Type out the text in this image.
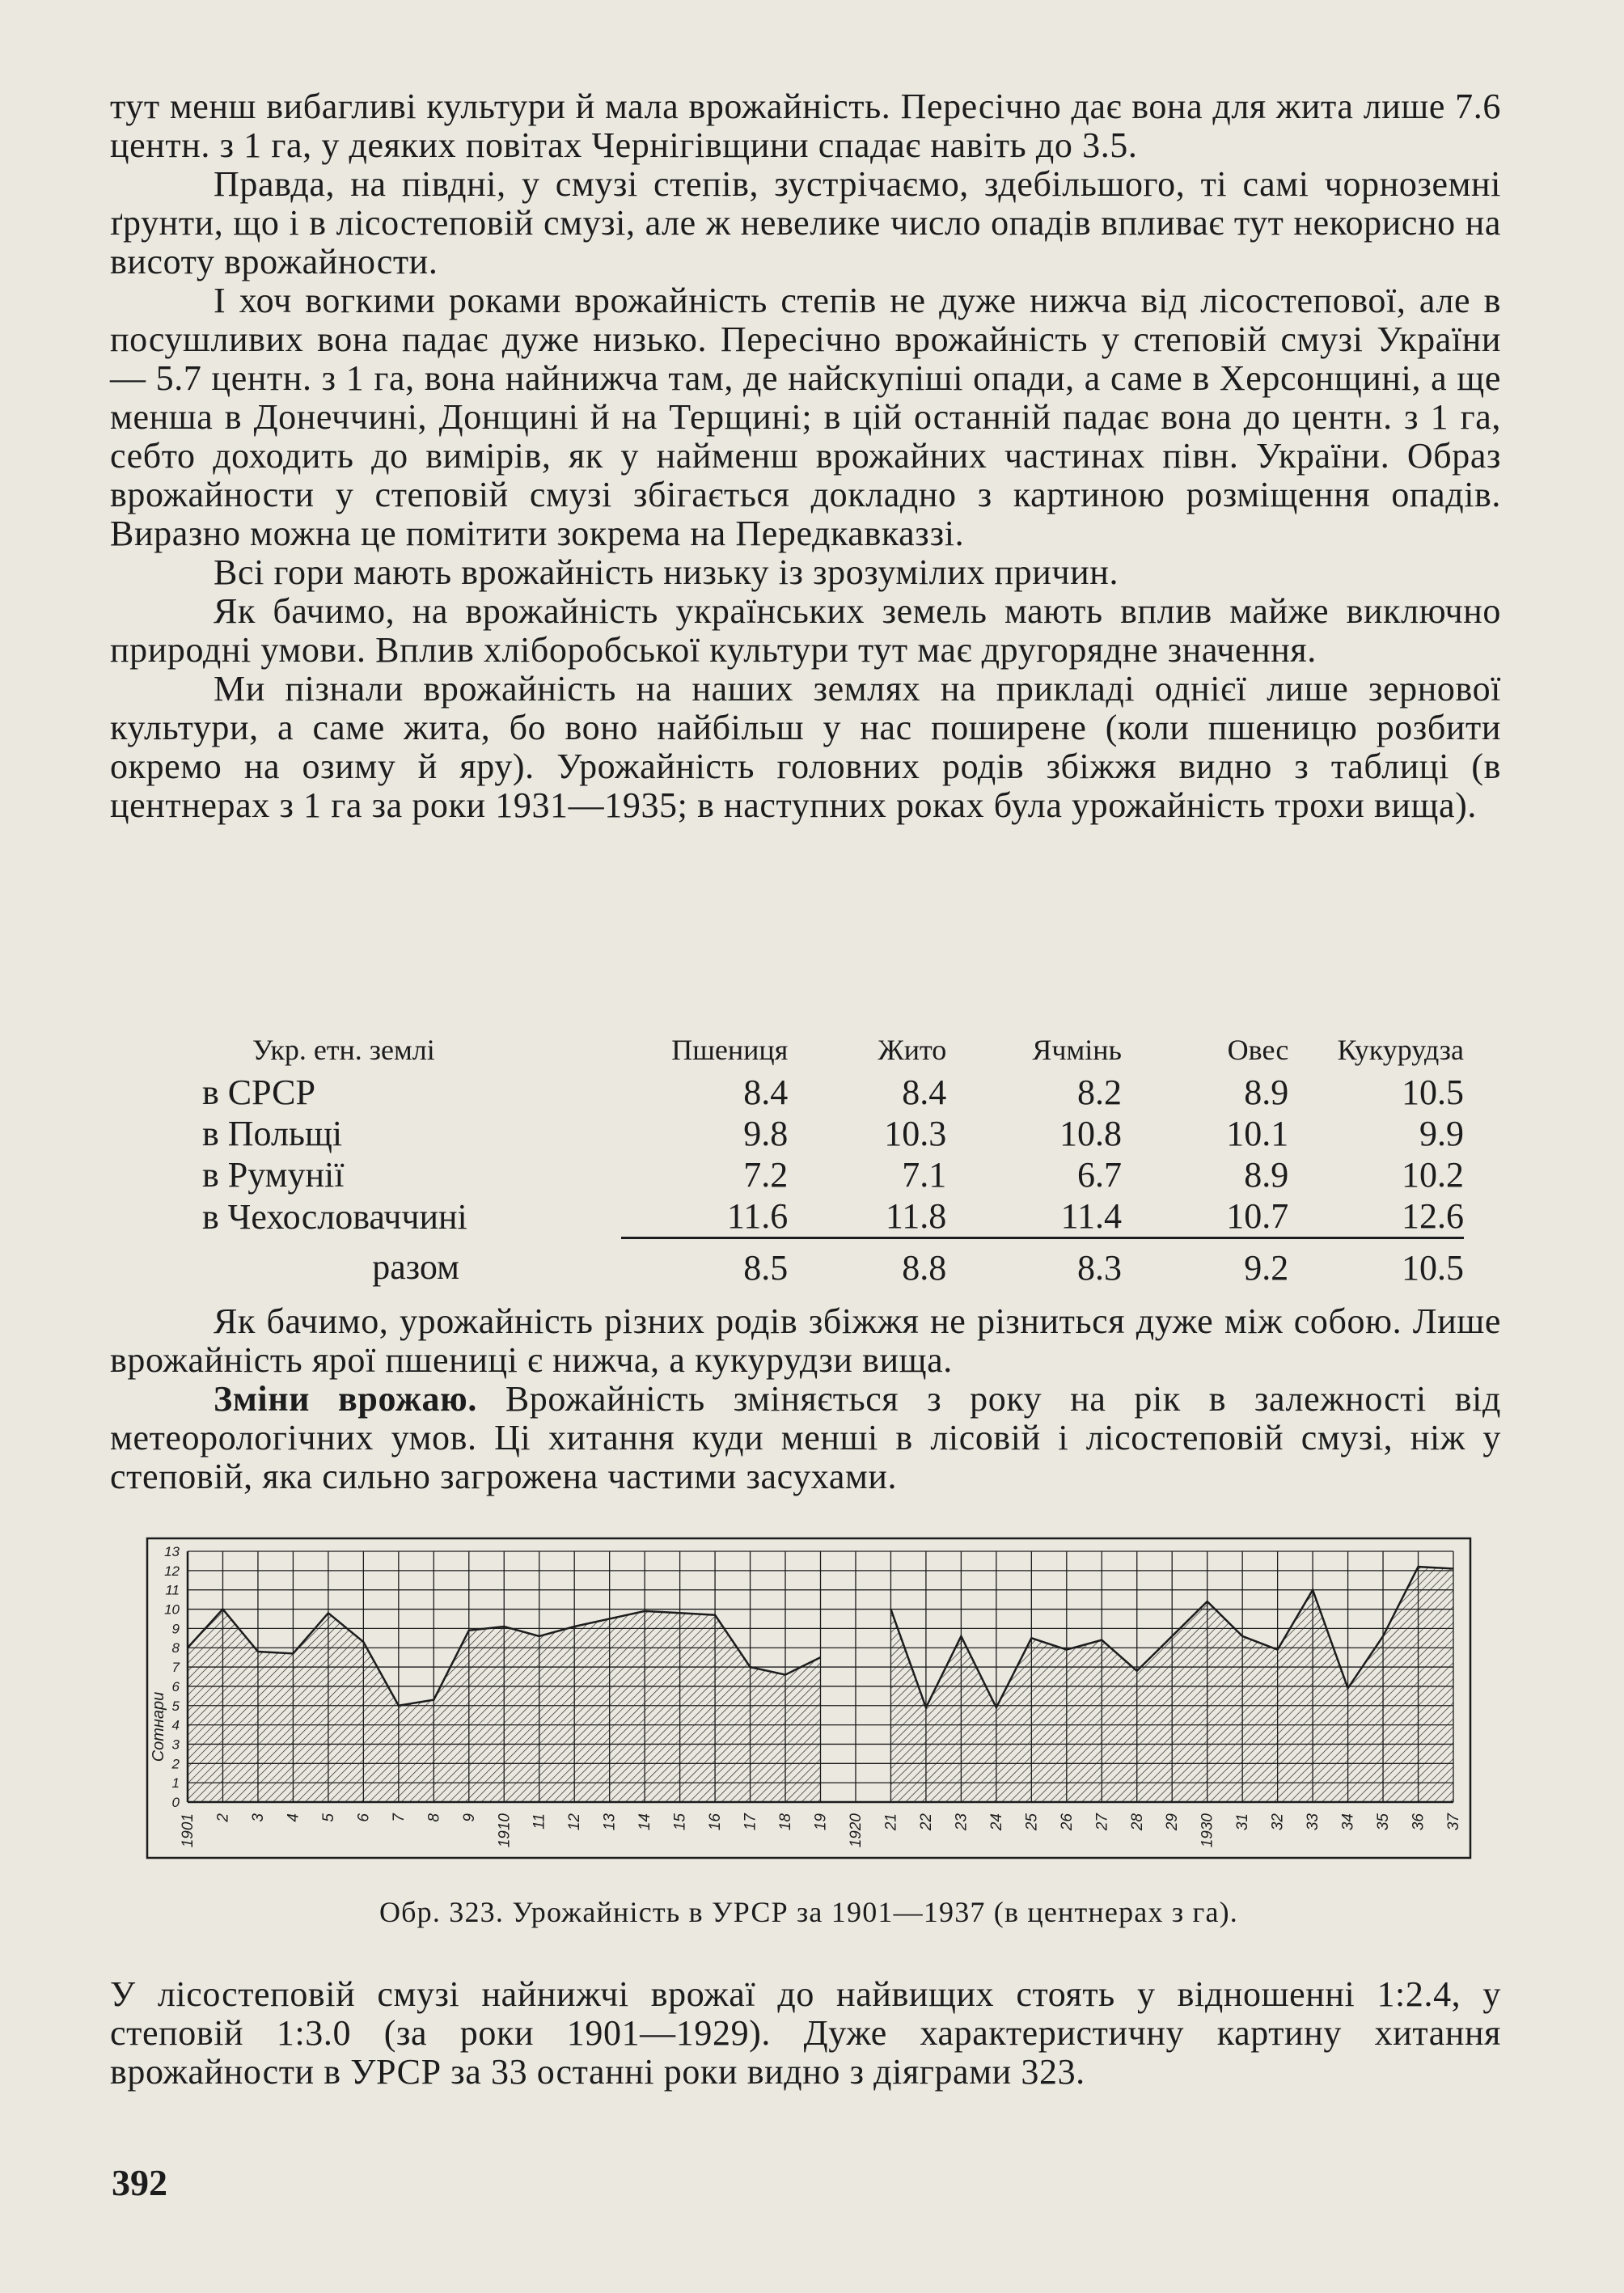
тут менш вибагливі культури й мала врожайність. Пересічно дає вона для жита лише 7.6 центн. з 1 га, у деяких повітах Чернігівщини спадає навіть до 3.5.

Правда, на півдні, у смузі степів, зустрічаємо, здебільшого, ті самі чорноземні ґрунти, що і в лісостеповій смузі, але ж невелике число опадів впливає тут некорисно на висоту врожайности.

І хоч вогкими роками врожайність степів не дуже нижча від лісостепової, але в посушливих вона падає дуже низько. Пересічно врожайність у степовій смузі України — 5.7 центн. з 1 га, вона найнижча там, де найскупіші опади, а саме в Херсонщині, а ще менша в Донеччині, Донщині й на Терщині; в цій останній падає вона до центн. з 1 га, себто доходить до вимірів, як у найменш врожайних частинах півн. України. Образ врожайности у степовій смузі збігається докладно з картиною розміщення опадів. Виразно можна це помітити зокрема на Передкавказзі.

Всі гори мають врожайність низьку із зрозумілих причин.

Як бачимо, на врожайність українських земель мають вплив майже виключно природні умови. Вплив хліборобської культури тут має другорядне значення.

Ми пізнали врожайність на наших землях на прикладі однієї лише зернової культури, а саме жита, бо воно найбільш у нас поширене (коли пшеницю розбити окремо на озиму й яру). Урожайність головних родів збіжжя видно з таблиці (в центнерах з 1 га за роки 1931—1935; в наступних роках була урожайність трохи вища).

Укр. етн. землі	Пшениця	Жито	Ячмінь	Овес	Кукурудза
в СРСР	8.4	8.4	8.2	8.9	10.5
в Польщі	9.8	10.3	10.8	10.1	9.9
в Румунії	7.2	7.1	6.7	8.9	10.2
в Чехословаччині	11.6	11.8	11.4	10.7	12.6
разом	8.5	8.8	8.3	9.2	10.5

Як бачимо, урожайність різних родів збіжжя не різниться дуже між собою. Лише врожайність ярої пшениці є нижча, а кукурудзи вища.

Зміни врожаю. Врожайність зміняється з року на рік в залежності від метеорологічних умов. Ці хитання куди менші в лісовій і лісостеповій смузі, ніж у степовій, яка сильно загрожена частими засухами.

0
1
2
3
4
5
6
7
8
9
10
11
12
13
1901 2 3 4 5 6 7 8 9 1910 11 12 13 14 15 16 17 18 19 1920 21 22 23 24 25 26 27 28 29 1930 31 32 33 34 35 36 37
Сотнари
Обр. 323. Урожайність в УРСР за 1901—1937 (в центнерах з га).

У лісостеповій смузі найнижчі врожаї до найвищих стоять у відношенні 1:2.4, у степовій 1:3.0 (за роки 1901—1929). Дуже характеристичну картину хитання врожайности в УРСР за 33 останні роки видно з діяграми 323.

392
